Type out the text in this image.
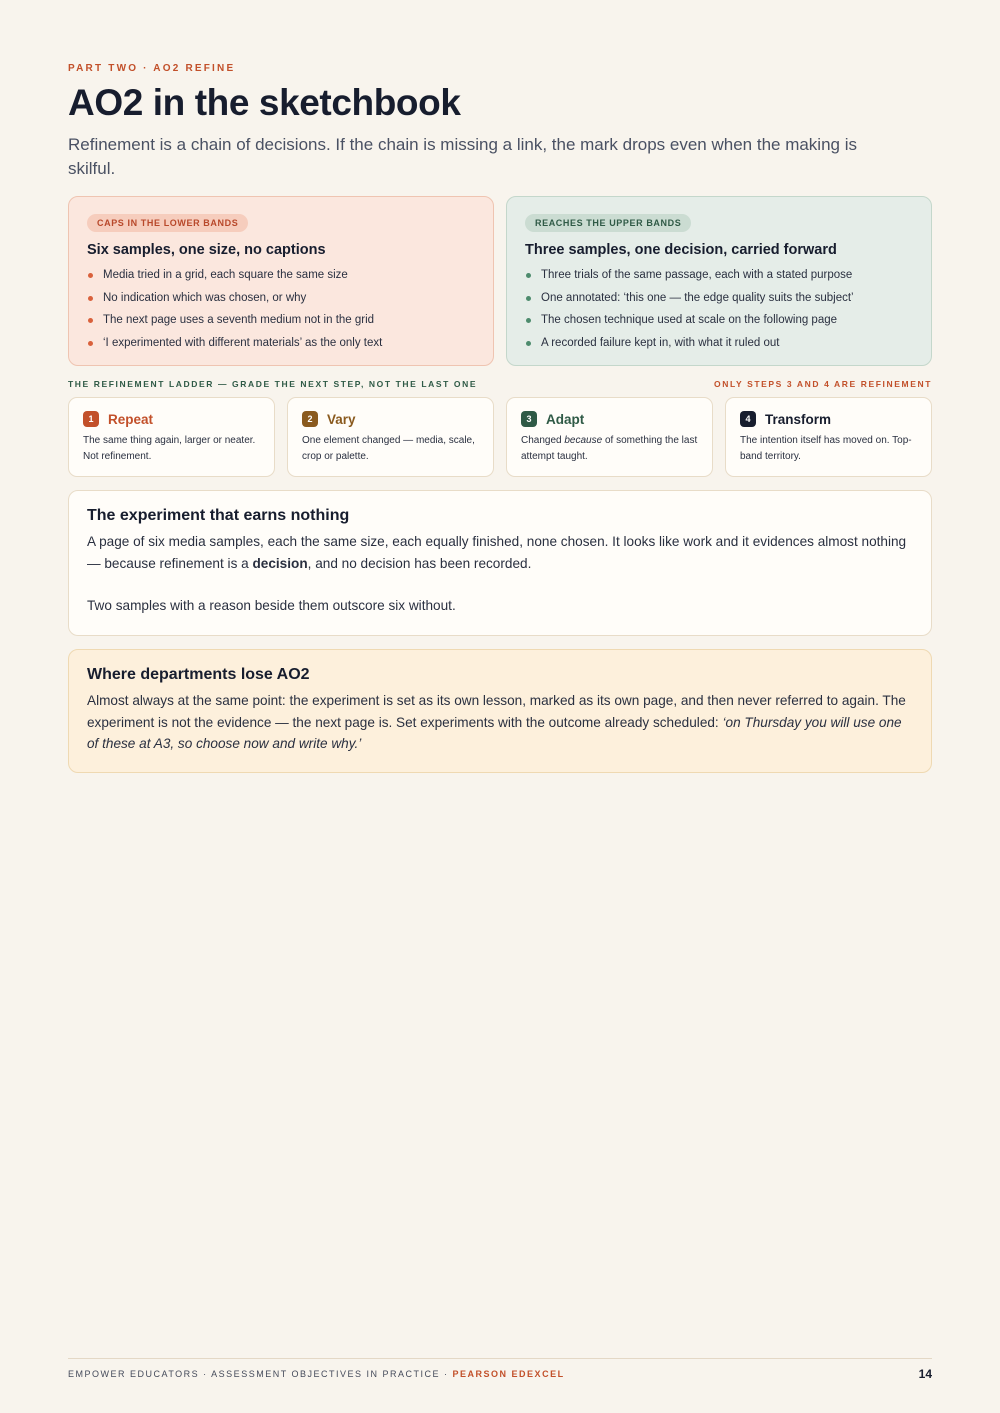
PART TWO · AO2 REFINE
AO2 in the sketchbook

Refinement is a chain of decisions. If the chain is missing a link, the mark drops even when the making is skilful.

CAPS IN THE LOWER BANDS
Six samples, one size, no captions
Media tried in a grid, each square the same size
No indication which was chosen, or why
The next page uses a seventh medium not in the grid
‘I experimented with different materials’ as the only text
REACHES THE UPPER BANDS
Three samples, one decision, carried forward
Three trials of the same passage, each with a stated purpose
One annotated: ‘this one — the edge quality suits the subject’
The chosen technique used at scale on the following page
A recorded failure kept in, with what it ruled out
THE REFINEMENT LADDER — GRADE THE NEXT STEP, NOT THE LAST ONE	ONLY STEPS 3 AND 4 ARE REFINEMENT
1	Repeat
The same thing again, larger or neater. Not refinement.
2	Vary
One element changed — media, scale, crop or palette.
3	Adapt
Changed because of something the last attempt taught.
4	Transform
The intention itself has moved on. Top-band territory.
The experiment that earns nothing

A page of six media samples, each the same size, each equally finished, none chosen. It looks like work and it evidences almost nothing — because refinement is a decision, and no decision has been recorded.

Two samples with a reason beside them outscore six without.

Where departments lose AO2

Almost always at the same point: the experiment is set as its own lesson, marked as its own page, and then never referred to again. The experiment is not the evidence — the next page is. Set experiments with the outcome already scheduled: ‘on Thursday you will use one of these at A3, so choose now and write why.’

EMPOWER EDUCATORS · ASSESSMENT OBJECTIVES IN PRACTICE · PEARSON EDEXCEL	14
